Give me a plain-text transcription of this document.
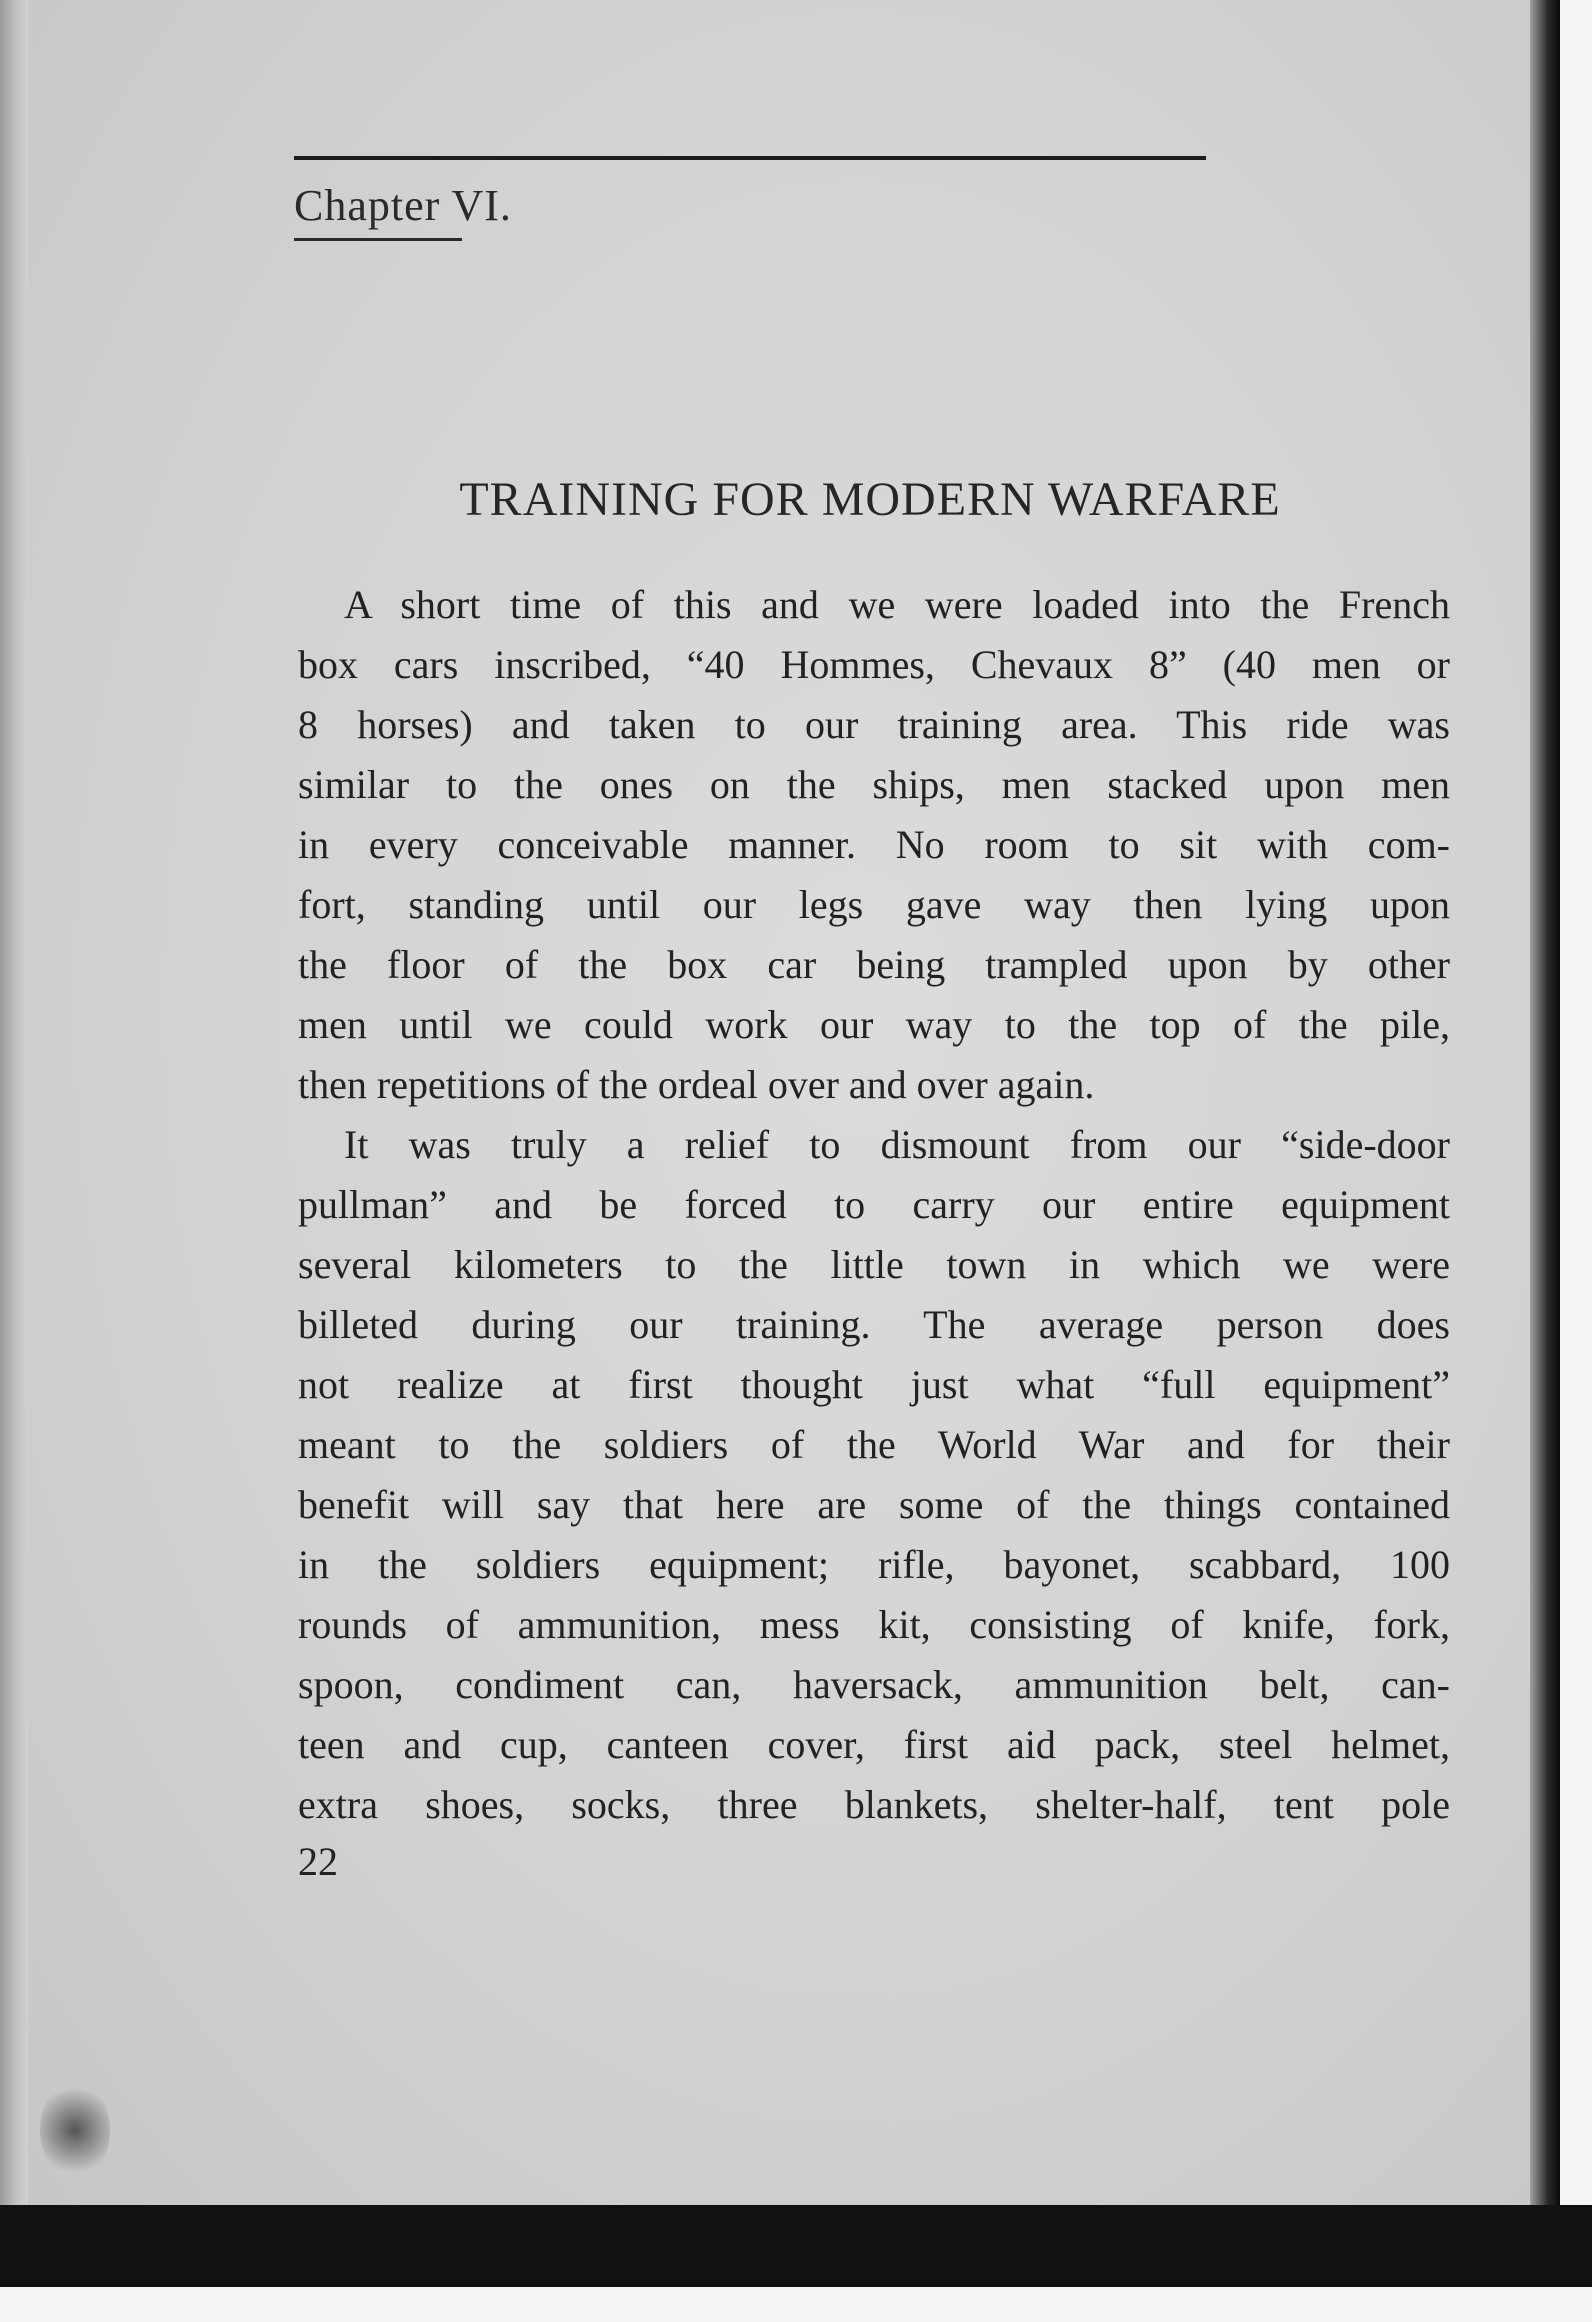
Chapter VI.
TRAINING FOR MODERN WARFARE
A short time of this and we were loaded into the French
box cars inscribed, “40 Hommes, Chevaux 8” (40 men or
8 horses) and taken to our training area. This ride was
similar to the ones on the ships, men stacked upon men
in every conceivable manner. No room to sit with com-
fort, standing until our legs gave way then lying upon
the floor of the box car being trampled upon by other
men until we could work our way to the top of the pile,
then repetitions of the ordeal over and over again.
It was truly a relief to dismount from our “side-door
pullman” and be forced to carry our entire equipment
several kilometers to the little town in which we were
billeted during our training. The average person does
not realize at first thought just what “full equipment”
meant to the soldiers of the World War and for their
benefit will say that here are some of the things contained
in the soldiers equipment; rifle, bayonet, scabbard, 100
rounds of ammunition, mess kit, consisting of knife, fork,
spoon, condiment can, haversack, ammunition belt, can-
teen and cup, canteen cover, first aid pack, steel helmet,
extra shoes, socks, three blankets, shelter-half, tent pole
22
